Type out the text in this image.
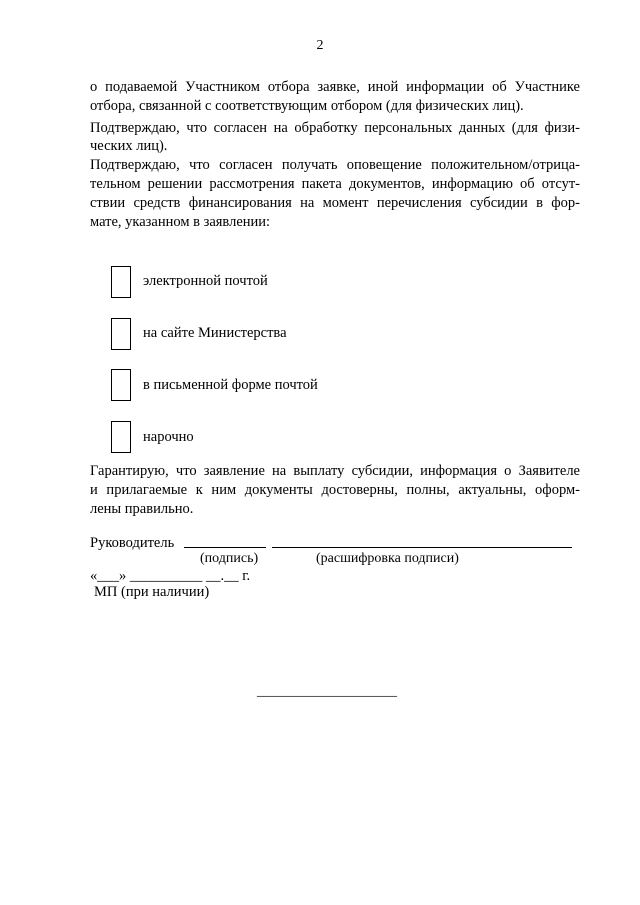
2
о подаваемой Участником отбора заявке, иной информации об Участнике
отбора, связанной с соответствующим отбором (для физических лиц).
Подтверждаю, что согласен на обработку персональных данных (для физи-
ческих лиц).
Подтверждаю, что согласен получать оповещение положительном/отрица-
тельном решении рассмотрения пакета документов, информацию об отсут-
ствии средств финансирования на момент перечисления субсидии в фор-
мате, указанном в заявлении:
электронной почтой
на сайте Министерства
в письменной форме почтой
нарочно
Гарантирую, что заявление на выплату субсидии, информация о Заявителе
и прилагаемые к ним документы достоверны, полны, актуальны, оформ-
лены правильно.
Руководитель
(подпись)	(расшифровка подписи)
«___» __________ __.__ г.
МП (при наличии)
____________________
